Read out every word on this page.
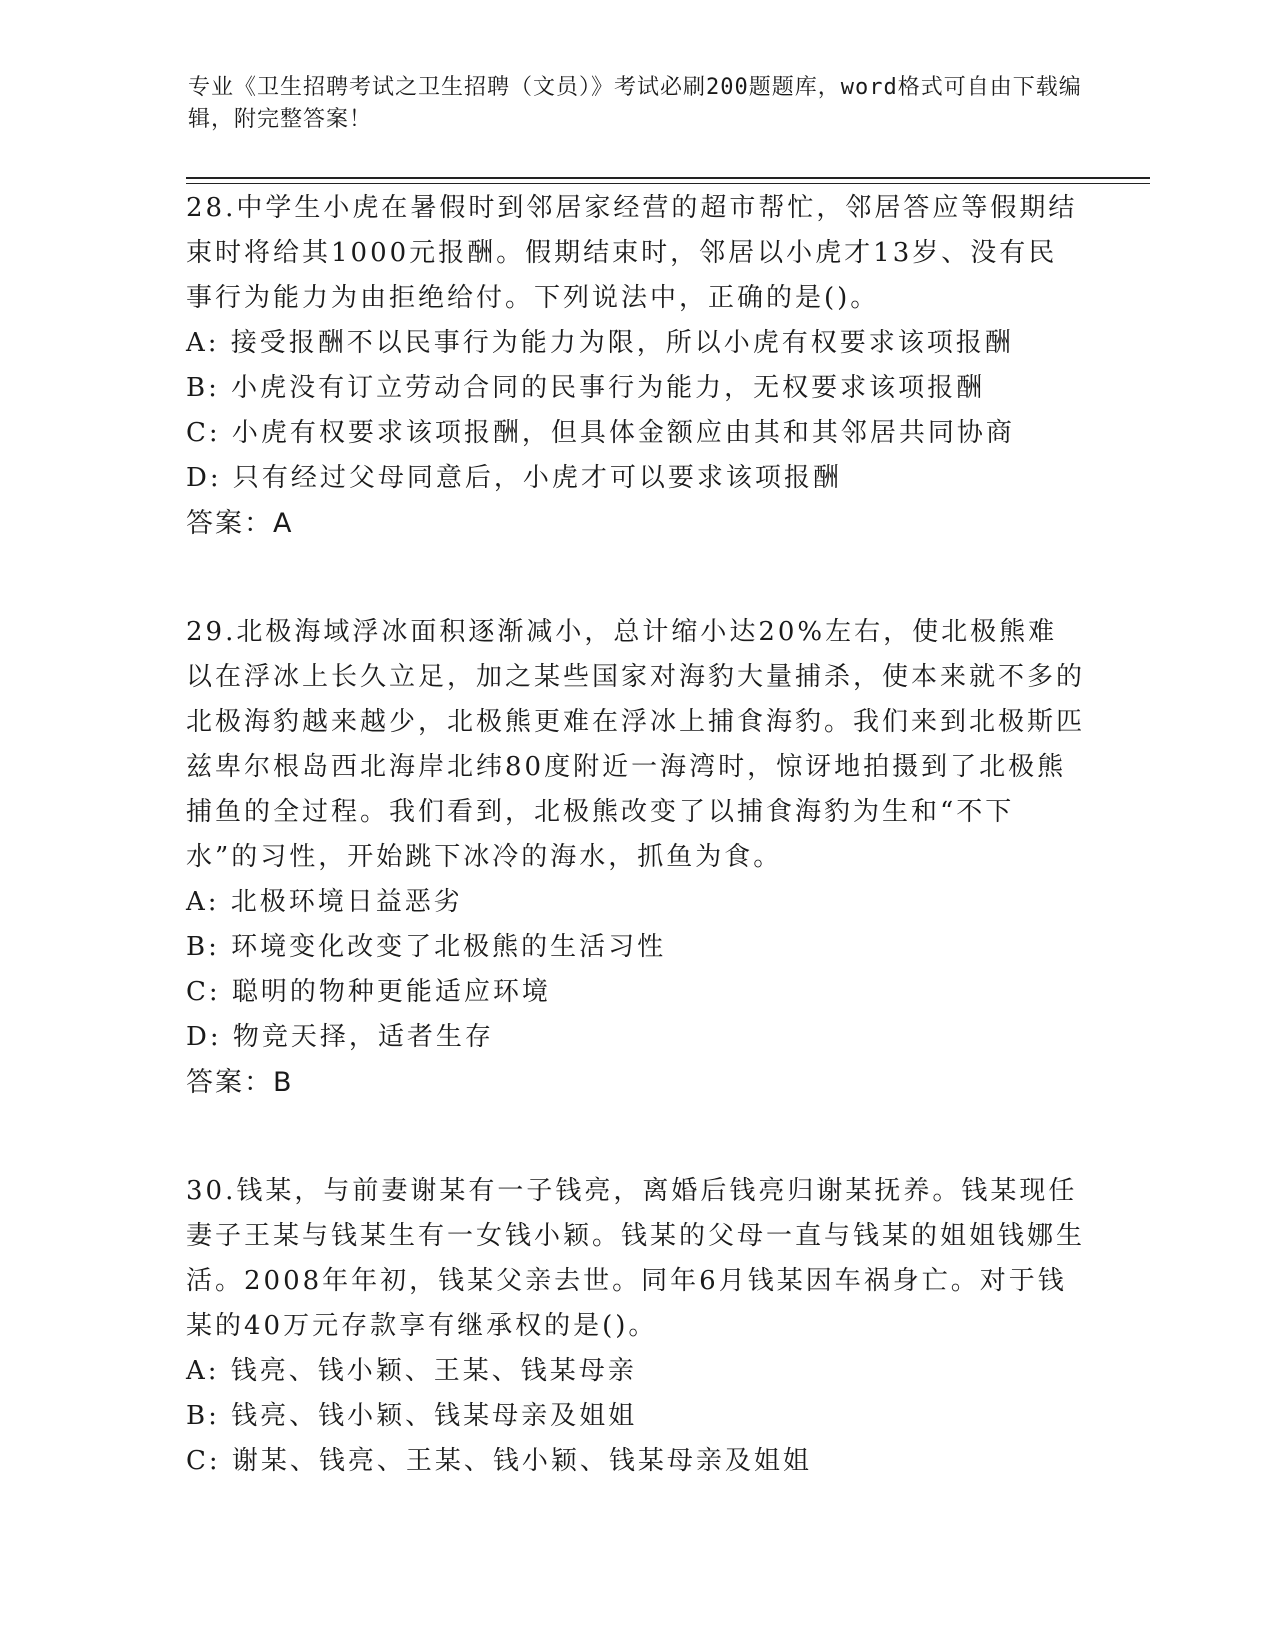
专业《卫生招聘考试之卫生招聘（文员）》考试必刷200题题库，word格式可自由下载编辑，附完整答案！

28.中学生小虎在暑假时到邻居家经营的超市帮忙，邻居答应等假期结束时将给其1000元报酬。假期结束时，邻居以小虎才13岁、没有民事行为能力为由拒绝给付。下列说法中，正确的是()。

A: 接受报酬不以民事行为能力为限，所以小虎有权要求该项报酬

B: 小虎没有订立劳动合同的民事行为能力，无权要求该项报酬

C: 小虎有权要求该项报酬，但具体金额应由其和其邻居共同协商

D: 只有经过父母同意后，小虎才可以要求该项报酬

答案：A

29.北极海域浮冰面积逐渐减小，总计缩小达20%左右，使北极熊难以在浮冰上长久立足，加之某些国家对海豹大量捕杀，使本来就不多的北极海豹越来越少，北极熊更难在浮冰上捕食海豹。我们来到北极斯匹兹卑尔根岛西北海岸北纬80度附近一海湾时，惊讶地拍摄到了北极熊捕鱼的全过程。我们看到，北极熊改变了以捕食海豹为生和“不下水”的习性，开始跳下冰冷的海水，抓鱼为食。

A: 北极环境日益恶劣

B: 环境变化改变了北极熊的生活习性

C: 聪明的物种更能适应环境

D: 物竞天择，适者生存

答案：B

30.钱某，与前妻谢某有一子钱亮，离婚后钱亮归谢某抚养。钱某现任妻子王某与钱某生有一女钱小颖。钱某的父母一直与钱某的姐姐钱娜生活。2008年年初，钱某父亲去世。同年6月钱某因车祸身亡。对于钱某的40万元存款享有继承权的是()。

A: 钱亮、钱小颖、王某、钱某母亲

B: 钱亮、钱小颖、钱某母亲及姐姐

C: 谢某、钱亮、王某、钱小颖、钱某母亲及姐姐
